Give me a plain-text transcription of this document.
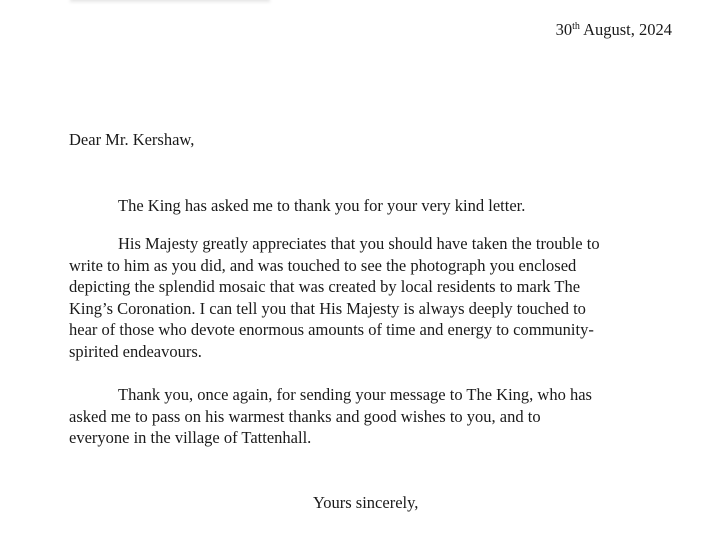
30th August, 2024
Dear Mr. Kershaw,
The King has asked me to thank you for your very kind letter.
His Majesty greatly appreciates that you should have taken the trouble to
write to him as you did, and was touched to see the photograph you enclosed
depicting the splendid mosaic that was created by local residents to mark The
King’s Coronation. I can tell you that His Majesty is always deeply touched to
hear of those who devote enormous amounts of time and energy to community-
spirited endeavours.
Thank you, once again, for sending your message to The King, who has
asked me to pass on his warmest thanks and good wishes to you, and to
everyone in the village of Tattenhall.
Yours sincerely,
